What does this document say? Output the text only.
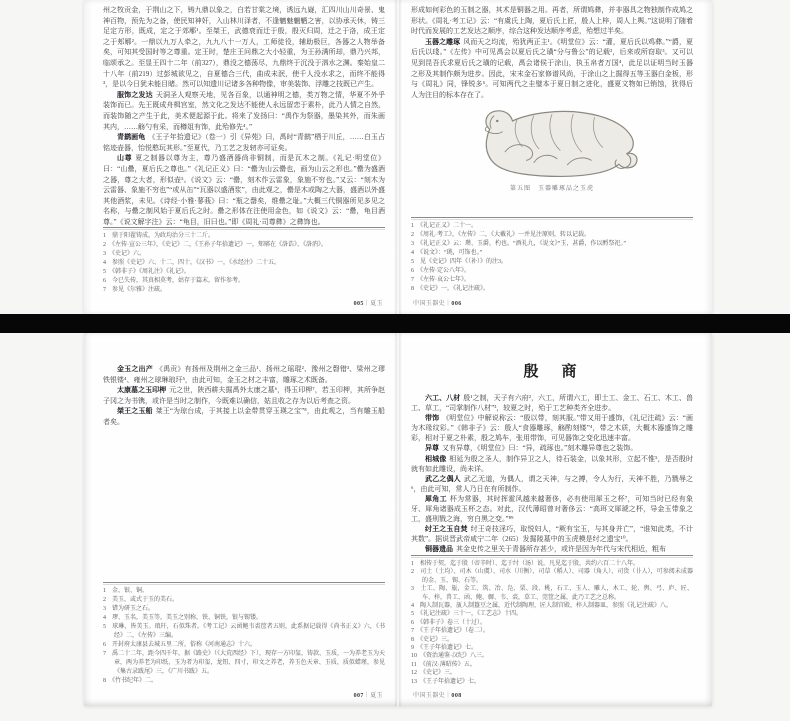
州之牧贡金，于荆山之下，铸九鼎以象之，白若甘棠之境，诱远九嶷，汇四川山川奇景、鬼神百物，预先为之备，使民知神奸，入山林川泽者，不逢魑魅魍魉之害，以协承天休，铸三足定方形，既成，定之于郊鄏¹。至桀王，武德衰而迁于殷，殷灭归周，迁之于洛，成王定之于郏鄏²。一鼎以九万人牵之，九九八十一万人，工师徒役，辅助极巨，各器之人物举备矣，可知其受国时等之尊重。定王时，楚庄王问鼎之大小轻重，为王孙满所却，鼎乃兴邦，临颂承之。至显王四十二年（前327），鼎没之德荡尽，九鼎终于沉没于泗水之渊。秦始皇二十八年（前219）过彭城欲见之，自夏德合三代，曲成未泯，使千人没水求之，而终不能得³，是以今日犹未能目睹。然可以知遗川记诸多各种物像，审美装饰、浮雕之技既已产生。

服饰之发达 天洞圣人观察天地，见各百象，以通神明之德，类万物之情，华夏不外乎装饰而已。先王既成舟楫宫室，然文化之发达不能使人永远留恋于素朴，此乃人情之自然，而装饰随之产生于此，美术便起源于此。将来了发扬曰：“禹作为祭器，墨染其外，而朱画其内，……觞勺有采，而樽俎有饰，此殆修先⁴。”

青鹚画龟 《王子年拾遗记》（卷一）引《异苑》曰，禹时“青鹚”栖于川丘，……白玉占铭迹壶器，怡悦憨玩其形。”至夏代，乃工艺之发轫亦可证矣。

山尊 夏之制器以尊为主，尊乃盛酒器尚非铜制，而是瓦木之制。《礼记·明堂位》曰：“山罍，夏后氏之尊也。”《礼记正义》曰：“罍为山云罍也，画为山云之形也。”罍为盛酒之器，尊之大者，形似壶⁵。《说文》云：“罍，刻木作云雷象，象施不穷也。”又云：“刻木为云雷器、象施不穷也”“或从缶”“瓦器以盛酒浆”，由此观之，罍是木或陶之大器，盛酒以外盛其他酒浆，未见。《诗经·小雅·蓼莪》曰：“瓶之罄矣，维罍之耻。”大概三代铜器所见多见之名称，与罍之制风始于夏后氏之时。罍之形体在注使用金色，如《说文》云：“罍，龟目酒尊。”《说文解字注》云：“龟目，旧曰也。”即《周礼·司尊彝》之彝饰也。

1　鼎于阳翟铸成，为政均治分三十二斤。

2　《左传·宣公三年》，《史记》二，《王孙子年拾遗记》一，郏鄏在《洛诰》、《洛汭》。

3　《史记》六。

4　参照《史记》六、十二，四十，《汉书》一，《水经注》二十五。

5　《韩非子》《周礼注》《礼记》。

6　今已失传，其真相莫考，姑存于篇末，留作参考。

7　参见《尔雅》注疏。

005｜夏玉

形成如何彩色的玉制之器，其术是铜器之用。再者，所谓鸠彝，并非器具之物独制作成鸠之形状。《周礼·考工记》云：“有虞氏上陶，夏后氏上匠，殷人上梓，周人上舆。”这说明了随着时代而发展的工艺发达之顺序，综合这种发达顺序考虑，殆想过半矣。

玉器之雕琢 风而天之均流，殆犹两正主¹。《明堂位》云：“灌，夏后氏以鸡彝。”“爵，夏后氏以琖。”《左传》中可见禹会以夏后氏之璜“分与鲁公”的记载²，后来或所窃取³。又可以见到昆吾氏求夏后氏之璜的记载，禹会诸侯于涂山，执玉帛者万国⁴，此足以证明当时玉器之形及其制作颇为进步。因此，宋末金石家修谱风尚，于涂山之上掘得五等玉器白金板，形与《周礼》同，锋锐多⁵。可知两代之圭璧本于夏日制之进化，盛夏文物如已销蚀，犹得后人为注目的标本存在了。

第五图　玉器雕琢品之玉虎

1　《礼记正义》二十一。

2　《周礼·考工》，《左传》二，《大戴礼》一并见注原则，转以记载。

3　《礼记正义》云：瓒、玉爵，杓也。“酒礼九，《说文》”玉，甚爵，作以酹祭祀。”

4　《说文》：“珧，可饰也。”

5　见《史记》四年《（补）》的注3。

6　《左传·定公八年》。

7　《左传·哀公七年》。

8　《史记》一，《礼记注疏》。

中国玉器史｜006

金玉之出产 《禹贡》有扬州及荆州之金三品¹、扬州之瑶琨²、豫州之磬错³、梁州之璆铁银镂⁴、雍州之球琳琅玕⁵，由此可知，金玉之材之丰富，雕琢之术既备。

太康墓之玉印柙 元之世，陕西耕夫掘禹外太康之墓⁶，得玉印柙⁷，若玉印柙，其所争赵子冈之为书镌，或许是当时之制作，今既难以确信，姑且收之存为以后考查之资。

桀王之玉船 桀王“为琼台成，于其接上以金带贯穿玉瑛之宝”⁸，由此观之，当有雕玉船者矣。

1　金、银、铜。

2　美玉，或式于玉的美石。

3　错为研玉之石。

4　璆、玉名，美玉等，美玉之别称，铁、铜铁，银与锡镂。

5　球琳、皆美玉。琅玕，石似珠者。《考工记》云函鲍韦裘筐者五则，此系据记载得《尚书正义》六，《书经》二，《左传》三编。

6　开封府太康县去城五里二所，俗称《河南通志》十六。

7　禹二十二年，距今四千年，据《路史》（《大荒西经》下），现存一方印玺，铸款、玉质，一为养老玉为天章，两为养老为印纸，玉为者为印玺，龙钮、四寸，印文之养老，养玉色天章、玉质，质似蜡瑾，参见《集古录跋尾》三，《广川书跋》五。

8　《竹书纪年》二。

007｜夏玉
殷　商

六工、八材 殷¹之制，天子有六府²，六工，所谓六工，即土工、金工、石工、木工、兽工、草工，“司掌制作八材”³，较夏之时，殆于工艺种类齐全进步。

带饰 《明堂位》中解说称云：“殷以带，刻其服。”带又用于盛饰，《礼记注疏》云：“画为木瑑纹彩。”《韩非子》云：殷人“食器雕琢，觞酌刻镂”⁴，带之木质，大概木器盛饰之雕彩，相对于夏之朴素，殷之鸠车，张用带饰，可见器饰之变化迅速丰富。

异尊 又有异尊，《明堂位》曰：“异，疏琢也。”刻木雕异尊也之装饰。

相城像 相延为殷之圣人，制作异卫之人，待石装金，以象其形，立起不惟⁵，是否殷时就有如此雕设，尚未详。

武乙之偶人 武乙无道，为偶人，谓之天神，与之搏，令人为行，天神不胜，乃戮辱之⁶，由此可知，常人乃日在有所制作。

犀角工 杯为常器，其时挥霍风越来越奢侈，必有使用犀玉之杯⁷，可知当时已经有象牙、犀角诸器成玉杯之态。对此，汉代薄昭曾对奢侈云：“高珥文犀琥之杯，导金玉带象之工，盛刑戮之海，穷白黑之变。”⁸⁹

纣王之玉自焚 纣王奇技淫巧，取悦妇人，“厥有宝玉，与其身并亡”，“谁知此类，不计其数”。据说晋武帝咸宁二年（265）发掘陵墓中的玉虎模是纣之遗宝¹⁰。

铜器遗品 其金史传之里关于青器所存甚少，或许是因为年代与宋代相近，粗布

1　相传于契，迄于殷（帝辛时）、迄于纣（汤）说，凡见迄于殷，共约六百二十八年。

2　司土（土均）、司木（山虞）、司水（川衡）、司草（稻人）、司器（角人）、司货（卝人），可参阅未成器的金、玉、锡、石等。

3　土工、陶、瓬，金工、筑、冶、凫、栗、段、桃，石工、玉人、雕人，木工、轮、舆、弓、庐、匠、车、梓，兽工、函、鲍、韗、韦、裘，草工、莞筐之属，此乃工艺之总称。

4　陶人制瓦器，瓬人制簋豆之属，近代制陶理，匠人制宫殿，梓人制器皿，参照《礼记注疏》八。

5　《礼记注疏》三十一，《工艺志》十四。

6　《韩非子》卷三（十过）。

7　《王子年拾遗记》（卷二）。

8　《史记》三。

9　《王子年拾遗记》七。

10　《资治通鉴·汉纪》八三。

11　《前汉·薄昭传》五。

12　《史记》三。

13　《王子年拾遗记》七。

中国玉器史｜008
